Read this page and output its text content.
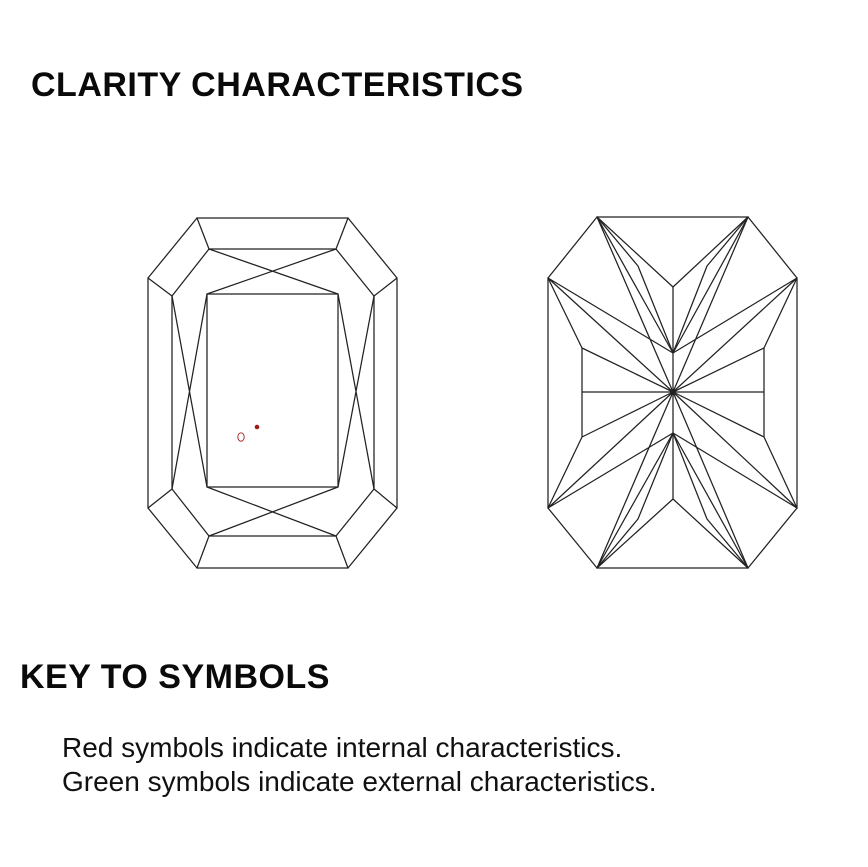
CLARITY CHARACTERISTICS
KEY TO SYMBOLS

Red symbols indicate internal characteristics.
Green symbols indicate external characteristics.
